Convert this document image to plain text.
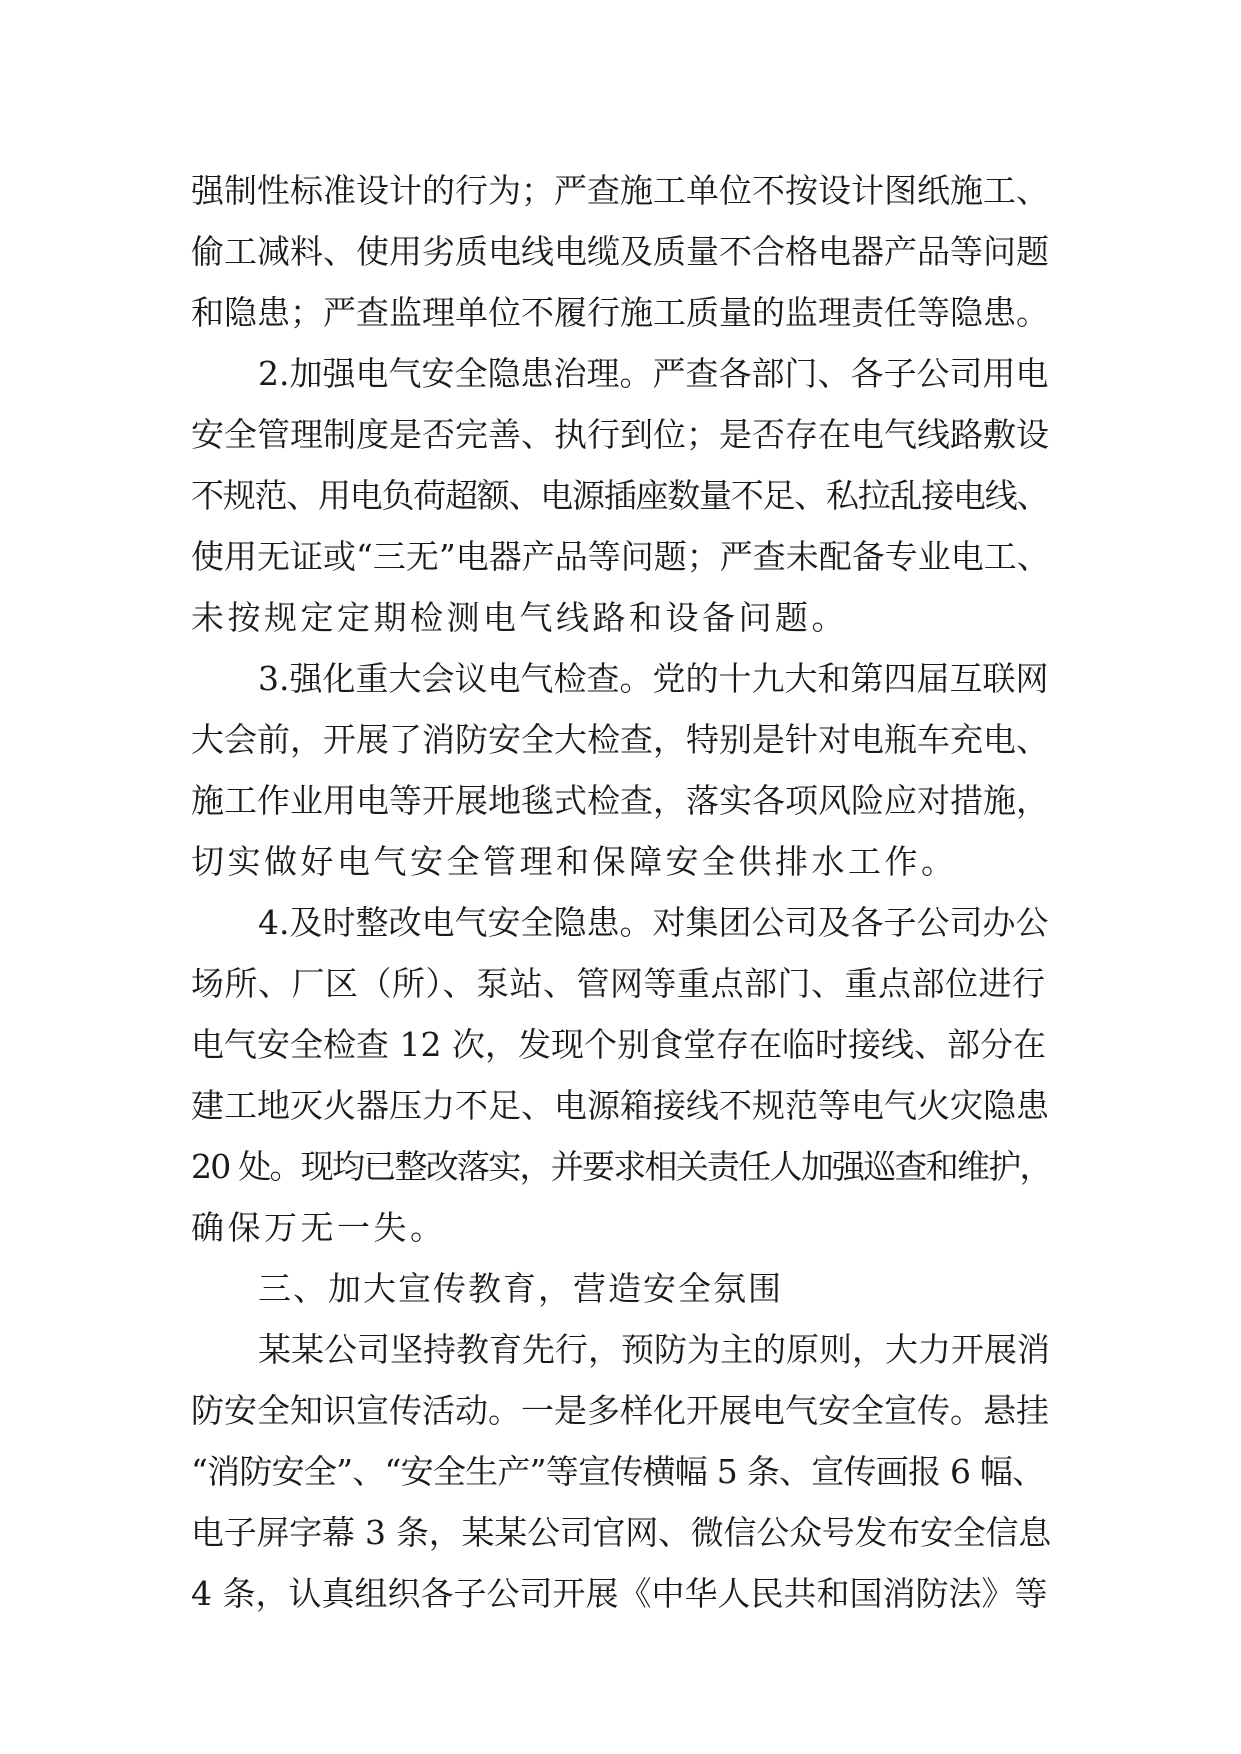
强制性标准设计的行为；严查施工单位不按设计图纸施工、
偷工减料、使用劣质电线电缆及质量不合格电器产品等问题
和隐患；严查监理单位不履行施工质量的监理责任等隐患。
2.加强电气安全隐患治理。严查各部门、各子公司用电
安全管理制度是否完善、执行到位；是否存在电气线路敷设
不规范、用电负荷超额、电源插座数量不足、私拉乱接电线、
使用无证或“三无”电器产品等问题；严查未配备专业电工、
未按规定定期检测电气线路和设备问题。
3.强化重大会议电气检查。党的十九大和第四届互联网
大会前，开展了消防安全大检查，特别是针对电瓶车充电、
施工作业用电等开展地毯式检查，落实各项风险应对措施，
切实做好电气安全管理和保障安全供排水工作。
4.及时整改电气安全隐患。对集团公司及各子公司办公
场所、厂区（所）、泵站、管网等重点部门、重点部位进行
电气安全检查 12 次，发现个别食堂存在临时接线、部分在
建工地灭火器压力不足、电源箱接线不规范等电气火灾隐患
20 处。现均已整改落实，并要求相关责任人加强巡查和维护，
确保万无一失。
三、加大宣传教育，营造安全氛围
某某公司坚持教育先行，预防为主的原则，大力开展消
防安全知识宣传活动。一是多样化开展电气安全宣传。悬挂
“消防安全”、“安全生产”等宣传横幅 5 条、宣传画报 6 幅、
电子屏字幕 3 条，某某公司官网、微信公众号发布安全信息
4 条，认真组织各子公司开展《中华人民共和国消防法》等
